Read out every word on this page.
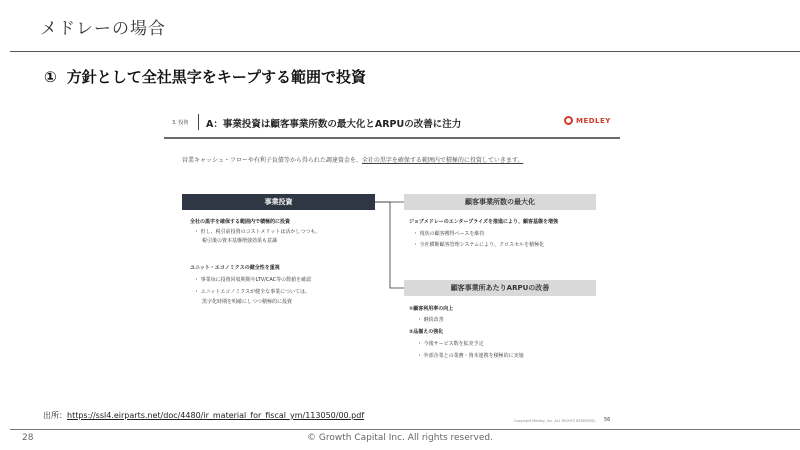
メドレーの場合
① 方針として全社黒字をキープする範囲で投資
3. 投資 A：事業投資は顧客事業所数の最大化とARPUの改善に注力	MEDLEY
営業キャッシュ・フローや有利子負債等から得られた調達資金を、全社の黒字を確保する範囲内で積極的に投資していきます。
事業投資	顧客事業所数の最大化
顧客事業所あたりARPUの改善
全社の黒字を確保する範囲内で積極的に投資
・ 但し、税引前投資のコストメリットは活かしつつも、
税引後の資本基盤増強効果も意識
ユニット・エコノミクスの健全性を重視
・ 事業毎に投資回収期間やLTV/CAC等の数値を確認
・ ユニットエコノミクスが健全な事業については、
黒字化時期を明確にしつつ積極的に投資
ジョブメドレーのエンタープライズを推進により、顧客基盤を増強
・ 現状の顧客獲得ペースを維持
・ 全社横断顧客管理システムにより、クロスセルを積極化
①顧客利用率の向上
・ 継続改善
②品揃えの強化
・ 今後サービス数を拡充予定
・ 外部企業との業務・資本連携を積極的に実施
Copyright Medley, Inc. ALL RIGHTS RESERVED. 56
出所：https://ssl4.eirparts.net/doc/4480/ir_material_for_fiscal_ym/113050/00.pdf
28	© Growth Capital Inc. All rights reserved.
